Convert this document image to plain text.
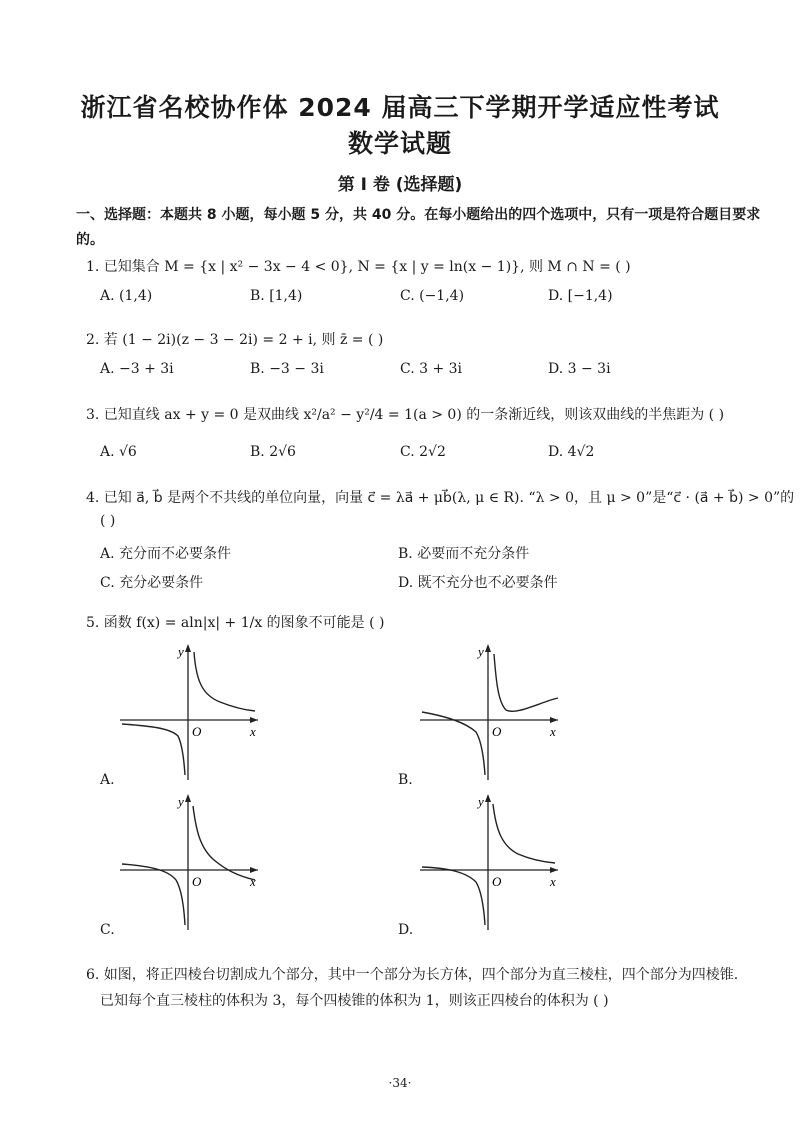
浙江省名校协作体 2024 届高三下学期开学适应性考试
数学试题
第 I 卷 (选择题)
一、选择题：本题共 8 小题，每小题 5 分，共 40 分。在每小题给出的四个选项中，只有一项是符合题目要求
的。
1. 已知集合 M = {x | x² − 3x − 4 < 0}, N = {x | y = ln(x − 1)}, 则 M ∩ N = ( )
A. (1,4)	B. [1,4)	C. (−1,4)	D. [−1,4)
2. 若 (1 − 2i)(z − 3 − 2i) = 2 + i, 则 z̄ = ( )
A. −3 + 3i	B. −3 − 3i	C. 3 + 3i	D. 3 − 3i
3. 已知直线 ax + y = 0 是双曲线 x²/a² − y²/4 = 1(a > 0) 的一条渐近线，则该双曲线的半焦距为 ( )
A. √6	B. 2√6	C. 2√2	D. 4√2
4. 已知 a⃗, b⃗ 是两个不共线的单位向量，向量 c⃗ = λa⃗ + μb⃗(λ, μ ∈ R). “λ > 0，且 μ > 0”是“c⃗ · (a⃗ + b⃗) > 0”的
( )
A. 充分而不必要条件	B. 必要而不充分条件
C. 充分必要条件	D. 既不充分也不必要条件
5. 函数 f(x) = aln|x| + 1/x 的图象不可能是 ( )
y
O	x
A.
y
O	x
B.
y
O	x
C.
y
O	x
D.
6. 如图，将正四棱台切割成九个部分，其中一个部分为长方体，四个部分为直三棱柱，四个部分为四棱锥.
已知每个直三棱柱的体积为 3，每个四棱锥的体积为 1，则该正四棱台的体积为 ( )
·34·
